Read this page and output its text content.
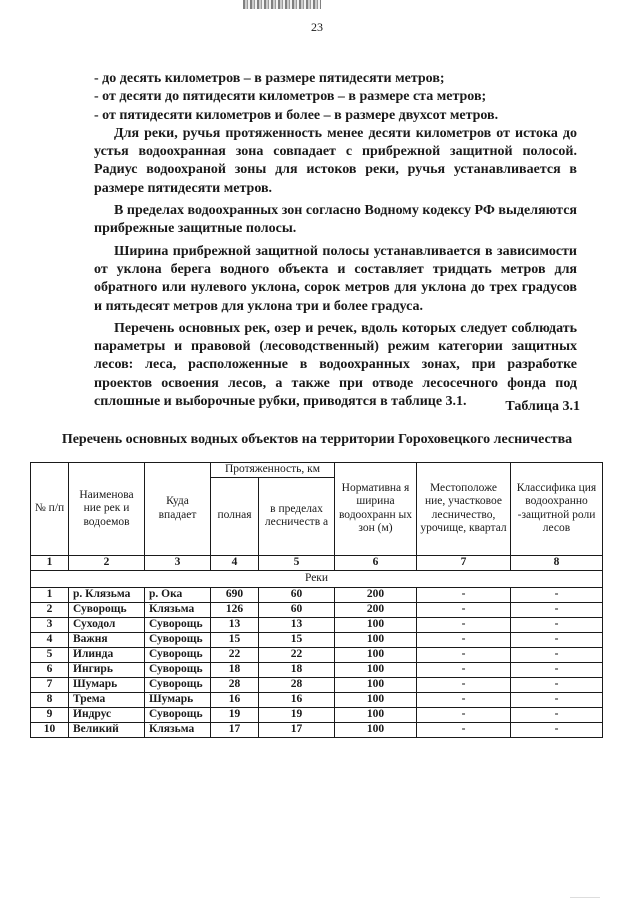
23

- до десять километров – в размере пятидесяти метров;

- от десяти до пятидесяти километров – в размере ста метров;

- от пятидесяти километров и более – в размере двухсот метров.

Для реки, ручья протяженность менее десяти километров от истока до устья водоохранная зона совпадает с прибрежной защитной полосой. Радиус водоохраной зоны для истоков реки, ручья устанавливается в размере пятидесяти метров.

В пределах водоохранных зон согласно Водному кодексу РФ выделяются прибрежные защитные полосы.

Ширина прибрежной защитной полосы устанавливается в зависимости от уклона берега водного объекта и составляет тридцать метров для обратного или нулевого уклона, сорок метров для уклона до трех градусов и пятьдесят метров для уклона три и более градуса.

Перечень основных рек, озер и речек, вдоль которых следует соблюдать параметры и правовой (лесоводственный) режим категории защитных лесов: леса, расположенные в водоохранных зонах, при разработке проектов освоения лесов, а также при отводе лесосечного фонда под сплошные и выборочные рубки, приводятся в таблице 3.1.	Таблица 3.1
Перечень основных водных объектов на территории Гороховецкого лесничества
№ п/п	Наименова ние рек и водоемов	Куда впадает	Протяженность, км		Нормативна я ширина водоохранн ых зон (м)	Местоположе ние, участковое лесничество, урочище, квартал	Классифика ция водоохранно -защитной роли лесов
			полная	в пределах лесничеств а			
1	2	3	4	5	6	7	8
Реки							
1	р. Клязьма	р. Ока	690	60	200	-	-
2	Суворощь	Клязьма	126	60	200	-	-
3	Суходол	Суворощь	13	13	100	-	-
4	Важня	Суворощь	15	15	100	-	-
5	Илинда	Суворощь	22	22	100	-	-
6	Ингирь	Суворощь	18	18	100	-	-
7	Шумарь	Суворощь	28	28	100	-	-
8	Трема	Шумарь	16	16	100	-	-
9	Индрус	Суворощь	19	19	100	-	-
10	Великий	Клязьма	17	17	100	-	-
